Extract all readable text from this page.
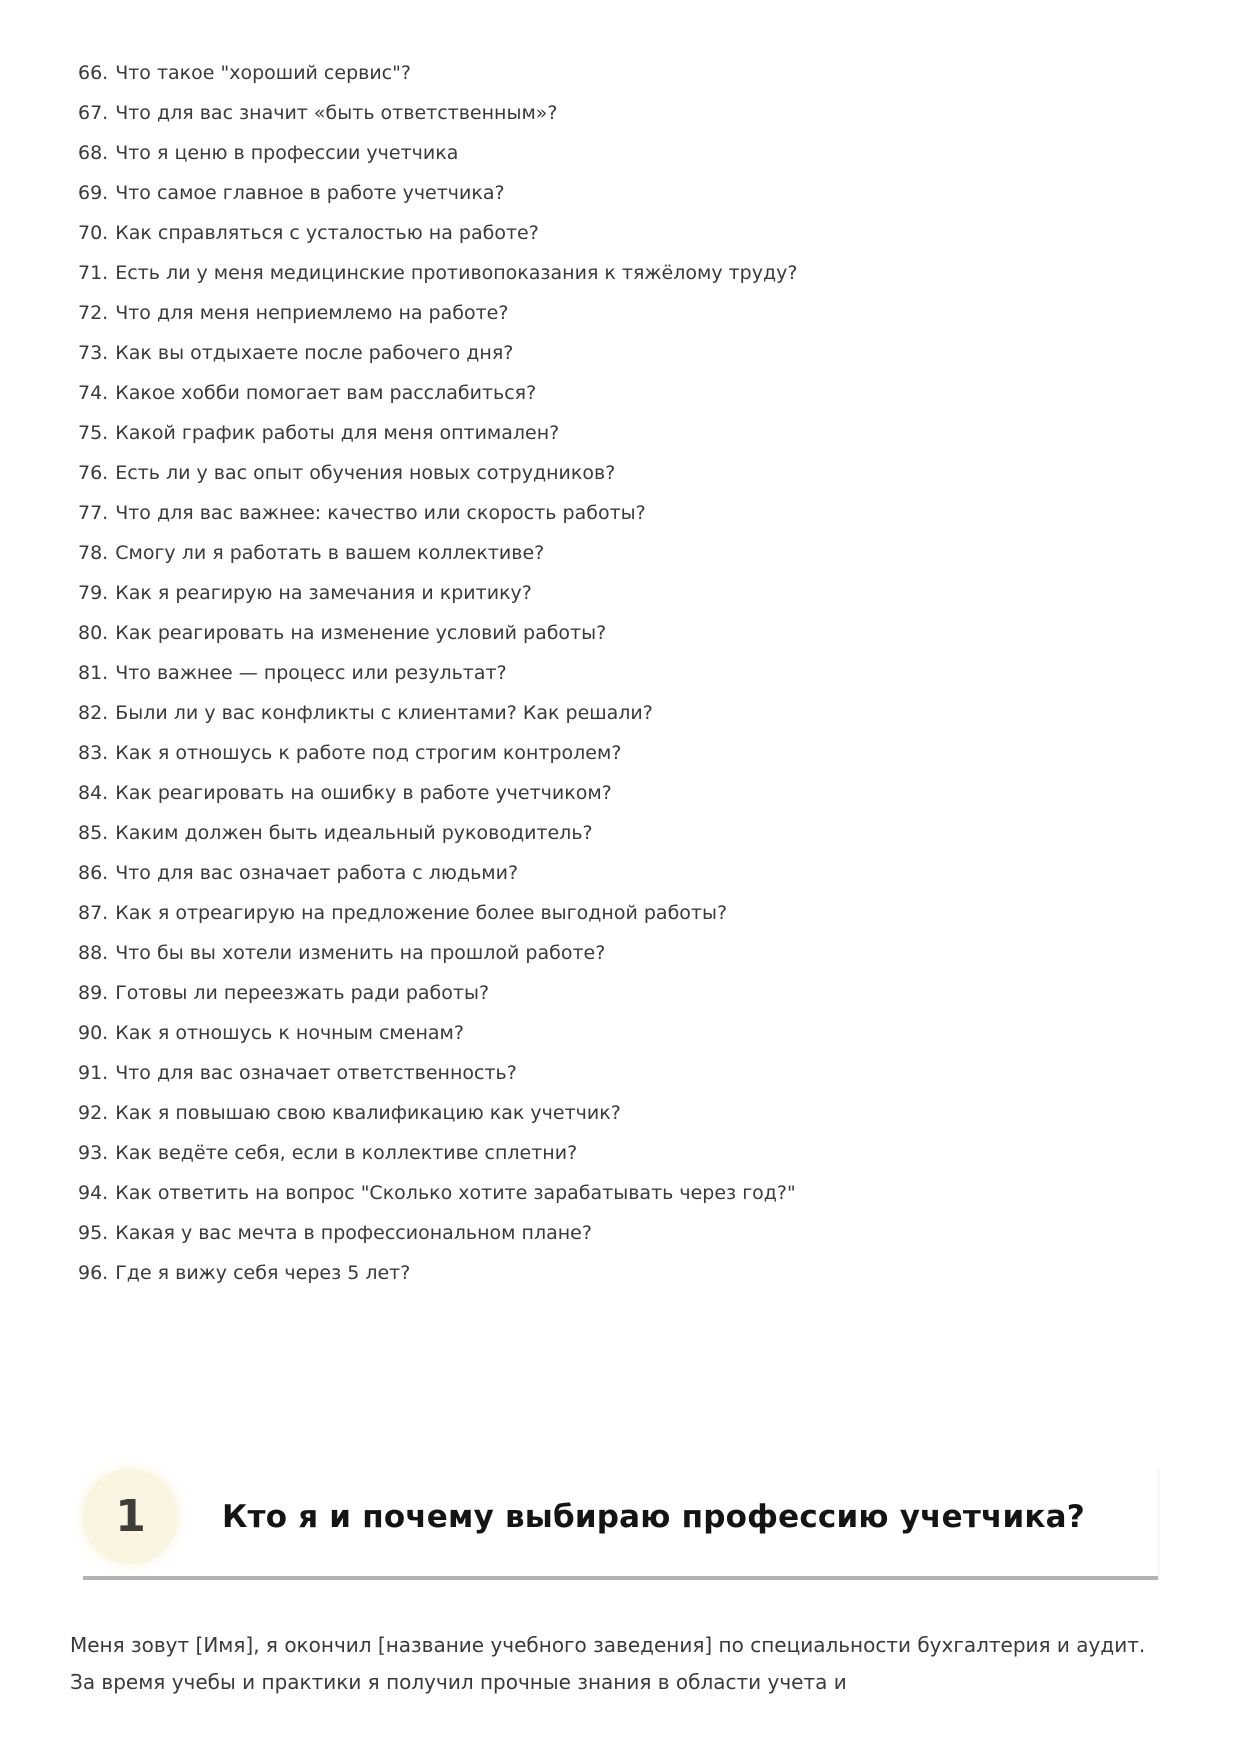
66. Что такое "хороший сервис"?
67. Что для вас значит «быть ответственным»?
68. Что я ценю в профессии учетчика
69. Что самое главное в работе учетчика?
70. Как справляться с усталостью на работе?
71. Есть ли у меня медицинские противопоказания к тяжёлому труду?
72. Что для меня неприемлемо на работе?
73. Как вы отдыхаете после рабочего дня?
74. Какое хобби помогает вам расслабиться?
75. Какой график работы для меня оптимален?
76. Есть ли у вас опыт обучения новых сотрудников?
77. Что для вас важнее: качество или скорость работы?
78. Смогу ли я работать в вашем коллективе?
79. Как я реагирую на замечания и критику?
80. Как реагировать на изменение условий работы?
81. Что важнее — процесс или результат?
82. Были ли у вас конфликты с клиентами? Как решали?
83. Как я отношусь к работе под строгим контролем?
84. Как реагировать на ошибку в работе учетчиком?
85. Каким должен быть идеальный руководитель?
86. Что для вас означает работа с людьми?
87. Как я отреагирую на предложение более выгодной работы?
88. Что бы вы хотели изменить на прошлой работе?
89. Готовы ли переезжать ради работы?
90. Как я отношусь к ночным сменам?
91. Что для вас означает ответственность?
92. Как я повышаю свою квалификацию как учетчик?
93. Как ведёте себя, если в коллективе сплетни?
94. Как ответить на вопрос "Сколько хотите зарабатывать через год?"
95. Какая у вас мечта в профессиональном плане?
96. Где я вижу себя через 5 лет?
1 Кто я и почему выбираю профессию учетчика?

Меня зовут [Имя], я окончил [название учебного заведения] по специальности бухгалтерия и аудит. За время учебы и практики я получил прочные знания в области учета и
